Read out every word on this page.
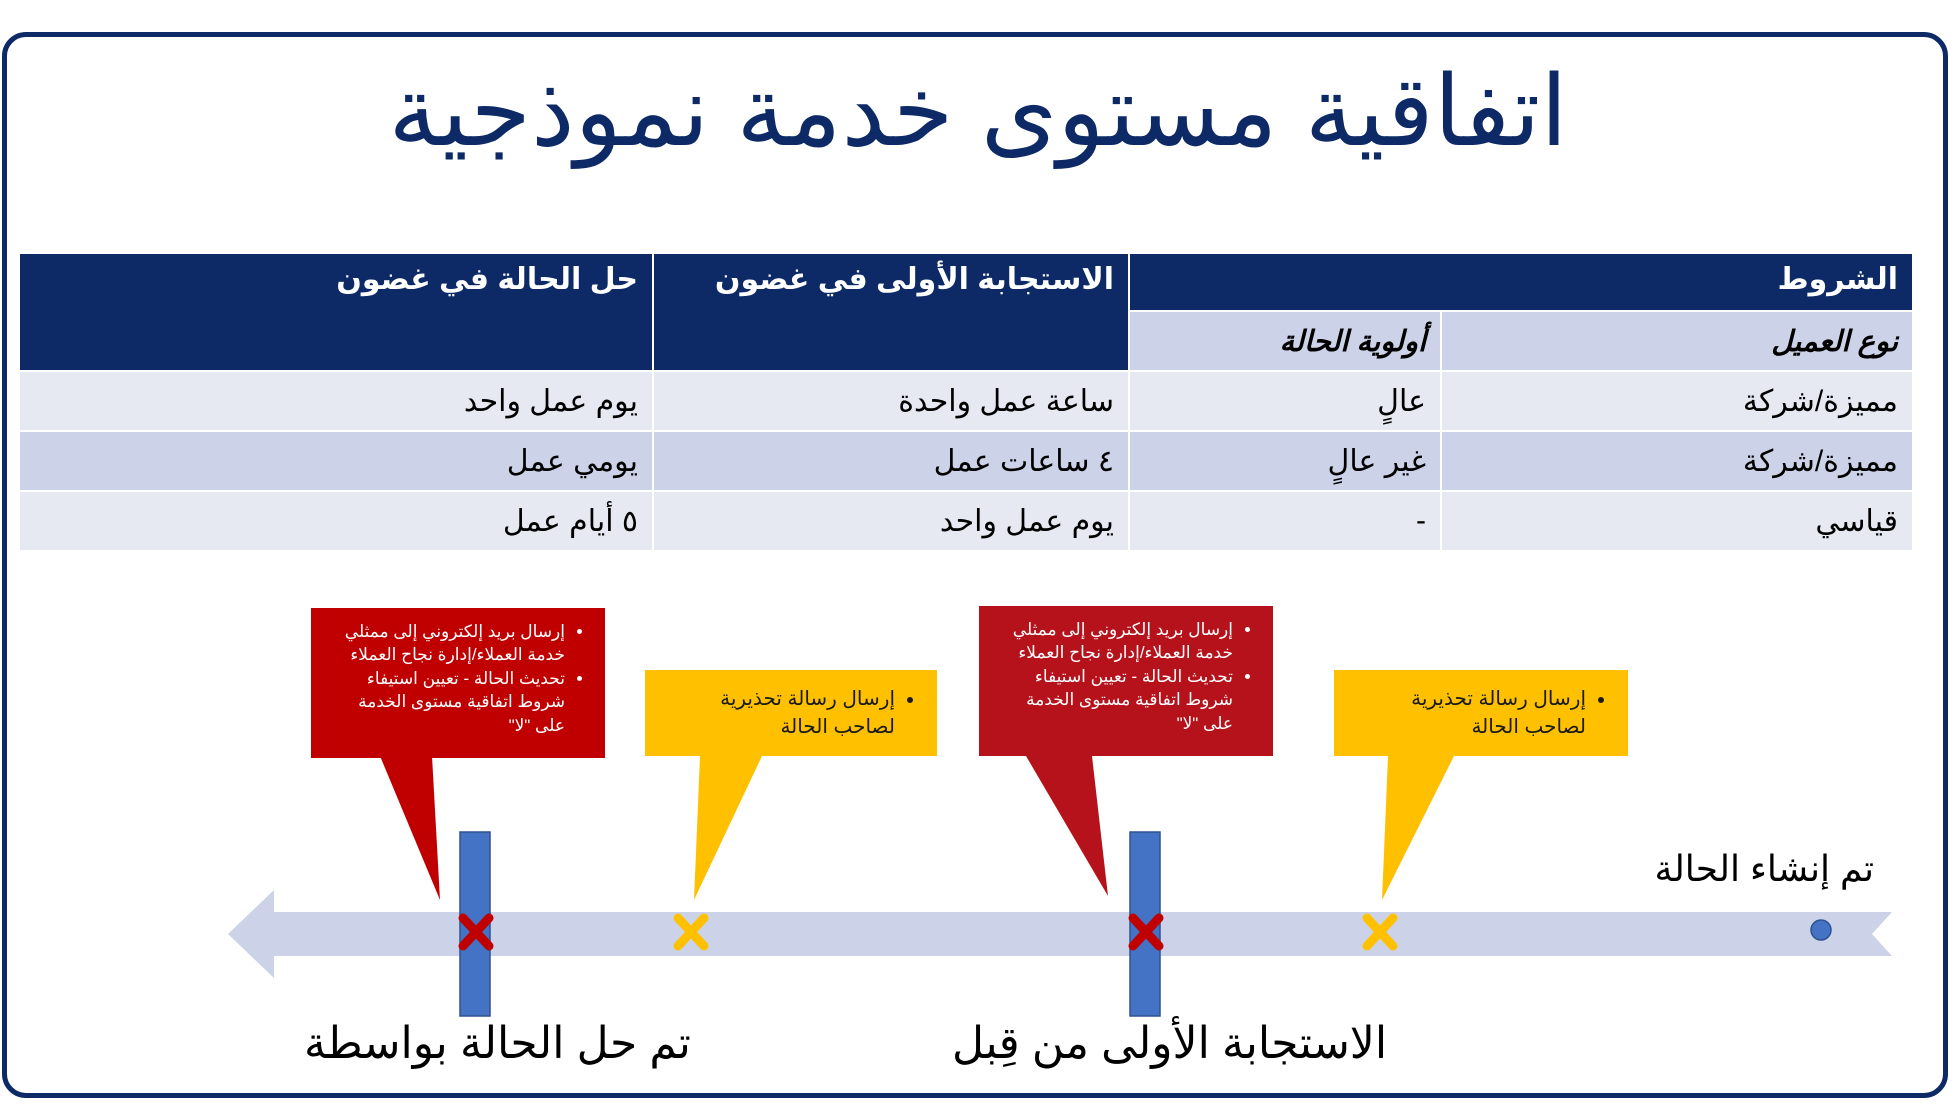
اتفاقية مستوى خدمة نموذجية
الشروط		الاستجابة الأولى في غضون	حل الحالة في غضون
نوع العميل	أولوية الحالة		
مميزة/شركة	عالٍ	ساعة عمل واحدة	يوم عمل واحد
مميزة/شركة	غير عالٍ	٤ ساعات عمل	يومي عمل
قياسي	-	يوم عمل واحد	٥ أيام عمل
• إرسال بريد إلكتروني إلى ممثلي خدمة العملاء/إدارة نجاح العملاء
• تحديث الحالة - تعيين استيفاء شروط اتفاقية مستوى الخدمة على "لا"
• إرسال رسالة تحذيرية لصاحب الحالة
• إرسال بريد إلكتروني إلى ممثلي خدمة العملاء/إدارة نجاح العملاء
• تحديث الحالة - تعيين استيفاء شروط اتفاقية مستوى الخدمة على "لا"
• إرسال رسالة تحذيرية لصاحب الحالة
تم إنشاء الحالة
الاستجابة الأولى من قِبل
تم حل الحالة بواسطة
